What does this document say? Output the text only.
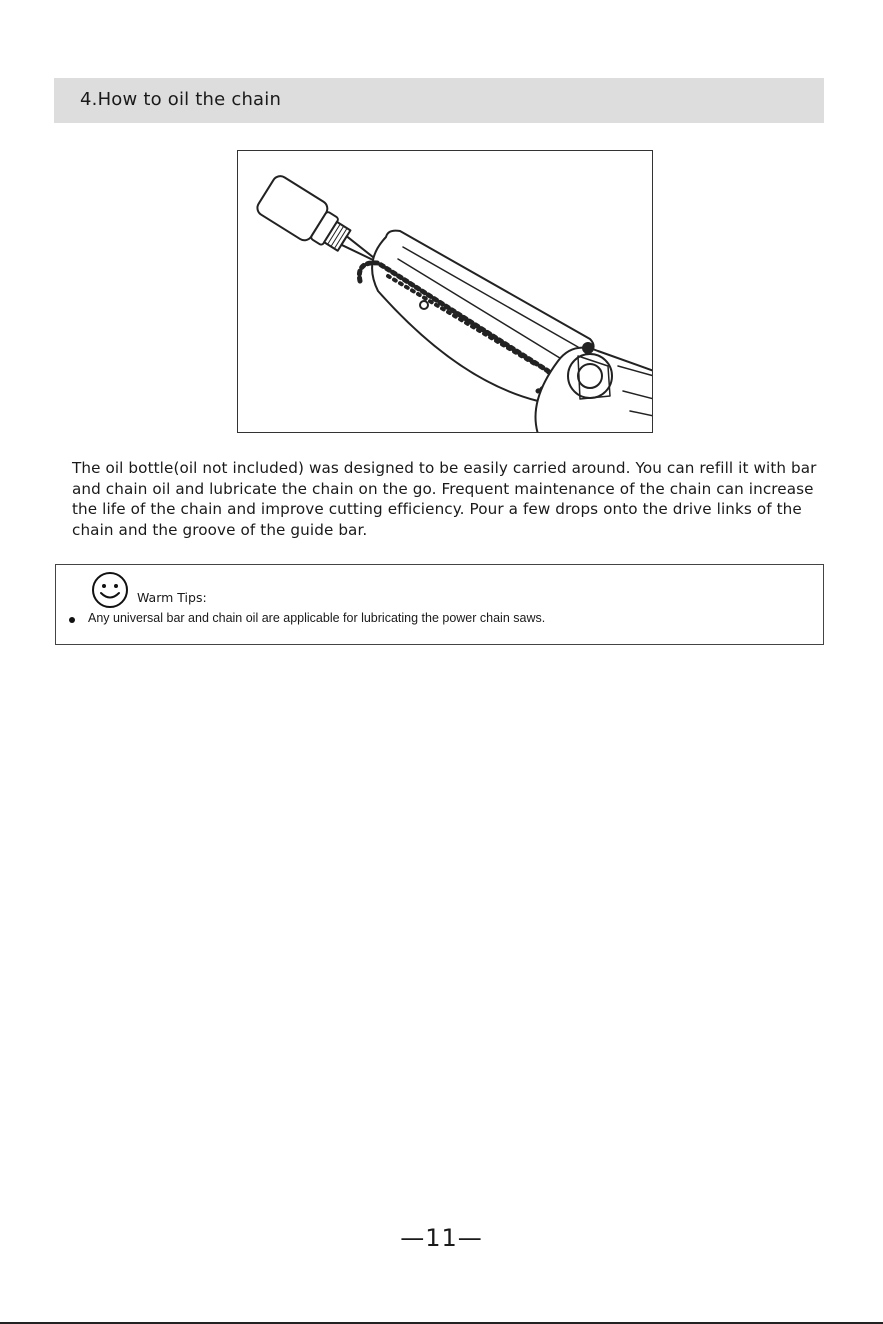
4.How to oil the chain
The oil bottle(oil not included) was designed to be easily carried around. You can refill it with bar and chain oil and lubricate the chain on the go. Frequent maintenance of the chain can increase the life of the chain and improve cutting efficiency. Pour a few drops onto the drive links of the chain and the groove of the guide bar.
Warm Tips:
Any universal bar and chain oil are applicable for lubricating the power chain saws.
—11—
